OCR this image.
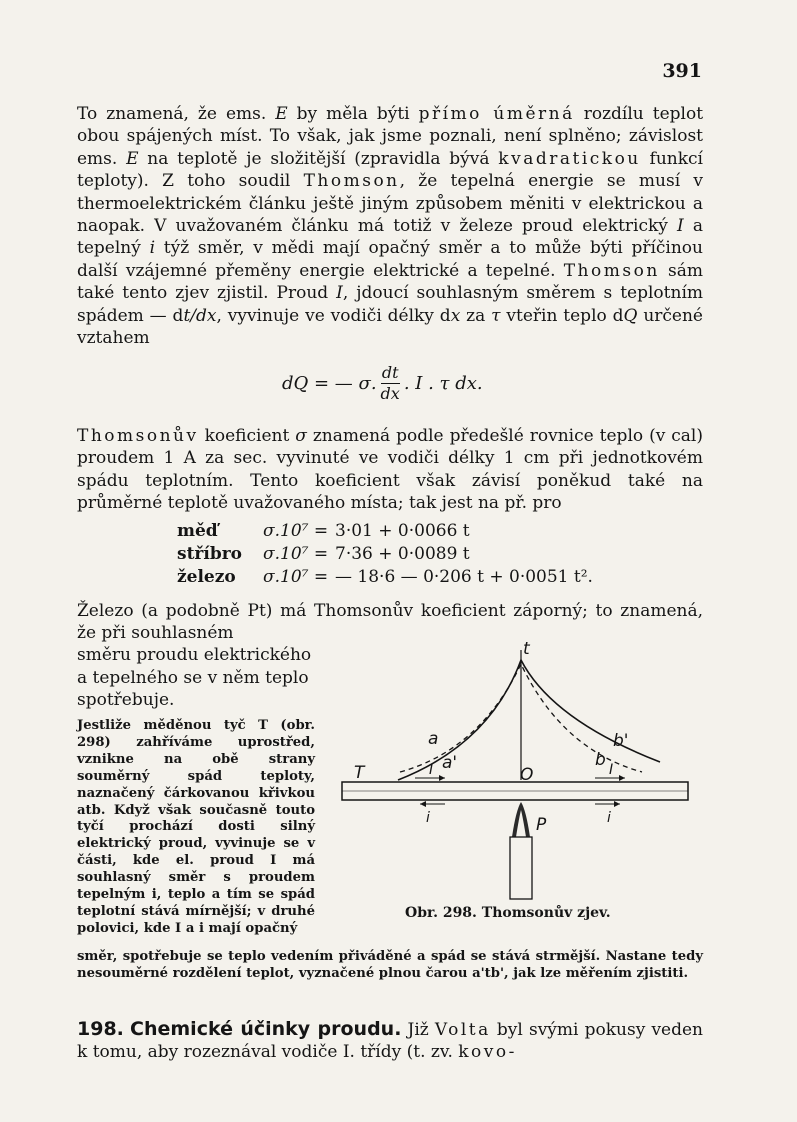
391

To znamená, že ems. E by měla býti přímo úměrná rozdílu teplot obou spájených míst. To však, jak jsme poznali, není splněno; závislost ems. E na teplotě je složitější (zpravidla bývá kvadratickou funkcí teploty). Z toho soudil Thomson, že tepelná energie se musí v thermoelektrickém článku ještě jiným způsobem měniti v elektrickou a naopak. V uvažovaném článku má totiž v železe proud elektrický I a tepelný i týž směr, v mědi mají opačný směr a to může býti příčinou další vzájemné přeměny energie elektrické a tepelné. Thomson sám také tento zjev zjistil. Proud I, jdoucí souhlasným směrem s teplotním spádem — dt/dx, vyvinuje ve vodiči délky dx za τ vteřin teplo dQ určené vztahem

dQ = — σ. $\frac{dt}{dx}$ . I . τ dx.

Thomsonův koeficient σ znamená podle předešlé rovnice teplo (v cal) proudem 1 A za sec. vyvinuté ve vodiči délky 1 cm při jednotkovém spádu teplotním. Tento koeficient však závisí poněkud také na průměrné teplotě uvažovaného místa; tak jest na př. pro

měď	σ.10⁷ = 3·01 + 0·0066 t
stříbro	σ.10⁷ = 7·36 + 0·0089 t
železo	σ.10⁷ = — 18·6 — 0·206 t + 0·0051 t².
Železo (a podobně Pt) má Thomsonův koeficient záporný; to znamená, že při souhlasném
směru proudu elektrického a tepelného se v něm teplo spotřebuje.

Jestliže měděnou tyč T (obr. 298) zahříváme uprostřed, vznikne na obě strany souměrný spád teploty, naznačený čárkovanou křivkou atb. Když však současně touto tyčí prochází dosti silný elektrický proud, vyvinuje se v části, kde el. proud I má souhlasný směr s proudem tepelným i, teplo a tím se spád teplotní stává mírnější; v druhé polovici, kde I a i mají opačný

t
a
a'	b
b'
T	O
I	I
i	i
P
Obr. 298. Thomsonův zjev.

směr, spotřebuje se teplo vedením přiváděné a spád se stává strmější. Nastane tedy nesouměrné rozdělení teplot, vyznačené plnou čarou a'tb', jak lze měřením zjistiti.

198. Chemické účinky proudu. Již Volta byl svými pokusy veden k tomu, aby rozeznával vodiče I. třídy (t. zv. kovo-
